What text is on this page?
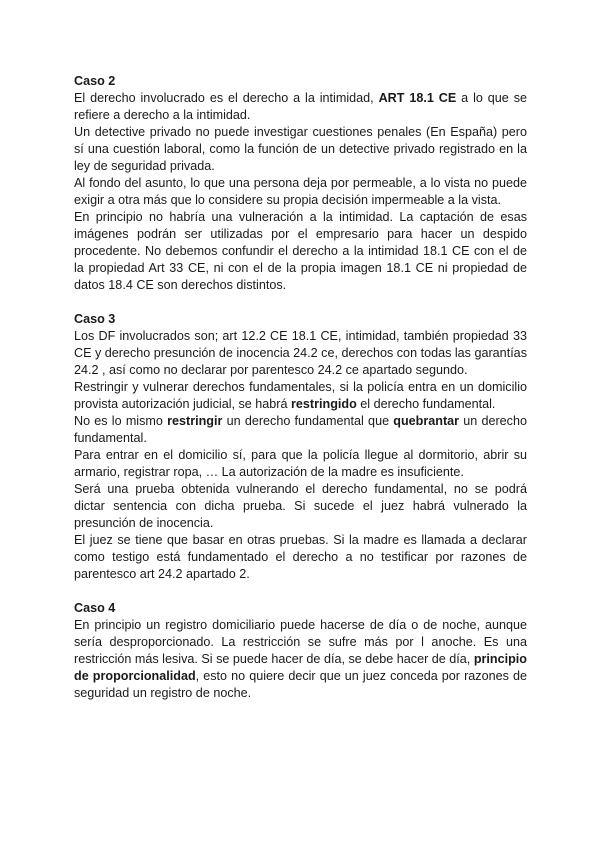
Caso 2

El derecho involucrado es el derecho a la intimidad, ART 18.1 CE a lo que se refiere a derecho a la intimidad.

Un detective privado no puede investigar cuestiones penales (En España) pero sí una cuestión laboral, como la función de un detective privado registrado en la ley de seguridad privada.

Al fondo del asunto, lo que una persona deja por permeable, a lo vista no puede exigir a otra más que lo considere su propia decisión impermeable a la vista.

En principio no habría una vulneración a la intimidad. La captación de esas imágenes podrán ser utilizadas por el empresario para hacer un despido procedente. No debemos confundir el derecho a la intimidad 18.1 CE con el de la propiedad Art 33 CE, ni con el de la propia imagen 18.1 CE ni propiedad de datos 18.4 CE son derechos distintos.

Caso 3

Los DF involucrados son; art 12.2 CE 18.1 CE, intimidad, también propiedad 33 CE y derecho presunción de inocencia 24.2 ce, derechos con todas las garantías 24.2 , así como no declarar por parentesco 24.2 ce apartado segundo.

Restringir y vulnerar derechos fundamentales, si la policía entra en un domicilio provista autorización judicial, se habrá restringido el derecho fundamental.

No es lo mismo restringir un derecho fundamental que quebrantar un derecho fundamental.

Para entrar en el domicilio sí, para que la policía llegue al dormitorio, abrir su armario, registrar ropa, … La autorización de la madre es insuficiente.

Será una prueba obtenida vulnerando el derecho fundamental, no se podrá dictar sentencia con dicha prueba. Si sucede el juez habrá vulnerado la presunción de inocencia.

El juez se tiene que basar en otras pruebas. Si la madre es llamada a declarar como testigo está fundamentado el derecho a no testificar por razones de parentesco art 24.2 apartado 2.

Caso 4

En principio un registro domiciliario puede hacerse de día o de noche, aunque sería desproporcionado. La restricción se sufre más por l anoche. Es una restricción más lesiva. Si se puede hacer de día, se debe hacer de día, principio de proporcionalidad, esto no quiere decir que un juez conceda por razones de seguridad un registro de noche.
